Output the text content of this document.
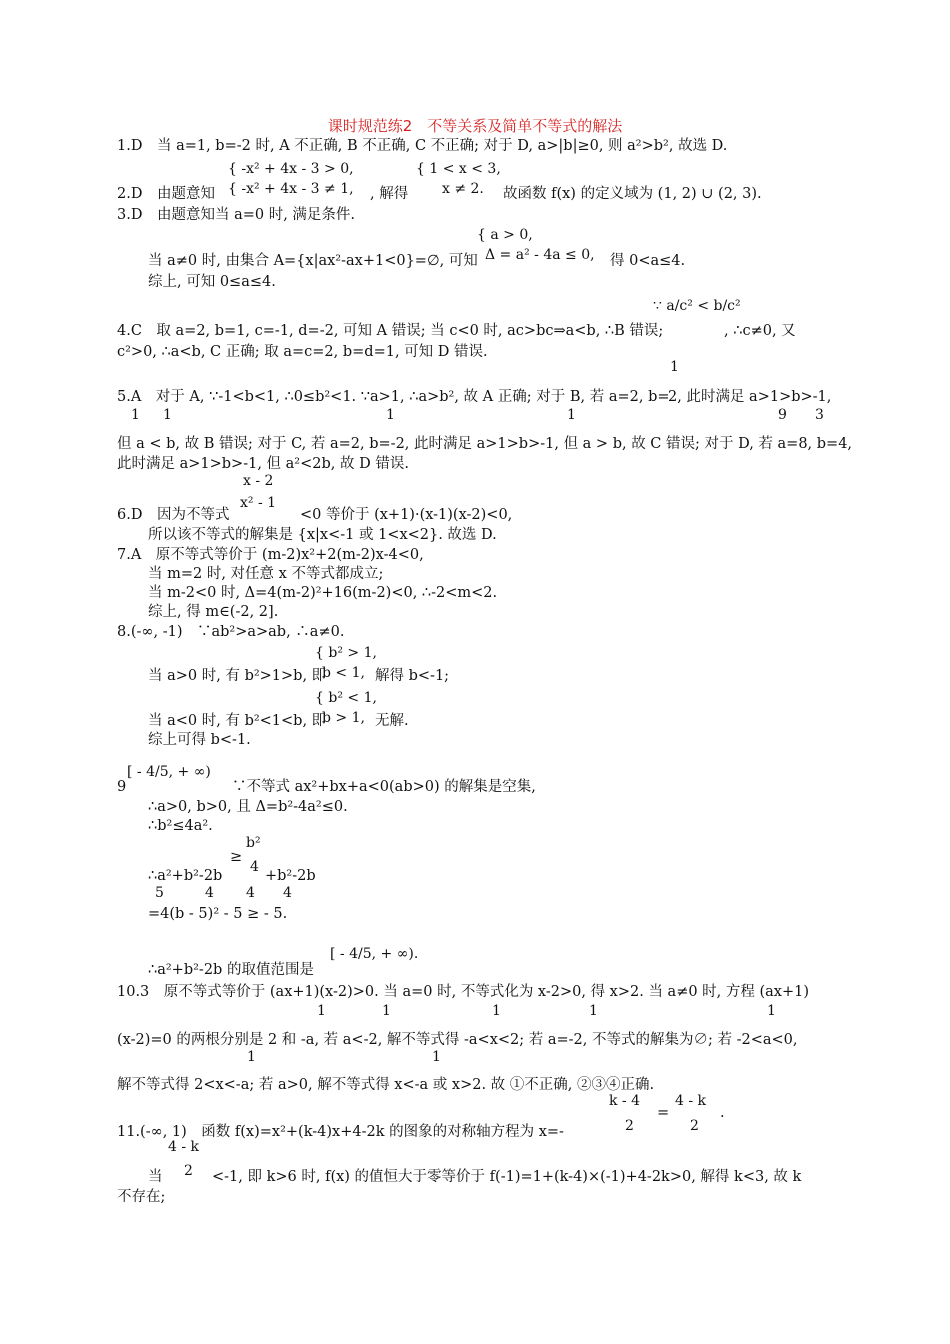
课时规范练2　不等关系及简单不等式的解法
1.D　当 a=1, b=-2 时, A 不正确, B 不正确, C 不正确; 对于 D, a>|b|≥0, 则 a²>b², 故选 D.
{ -x² + 4x - 3 > 0,
{ -x² + 4x - 3 ≠ 1,
{ 1 < x < 3,
x ≠ 2.
2.D　由题意知	, 解得	故函数 f(x) 的定义域为 (1, 2) ∪ (2, 3).
3.D　由题意知当 a=0 时, 满足条件.
{ a > 0,
当 a≠0 时, 由集合 A={x|ax²-ax+1<0}=∅, 可知 Δ = a² - 4a ≤ 0, 得 0<a≤4.
综上, 可知 0≤a≤4.
∵ a/c² < b/c²
4.C　取 a=2, b=1, c=-1, d=-2, 可知 A 错误; 当 c<0 时, ac>bc⇒a<b, ∴B 错误;	, ∴c≠0, 又
c²>0, ∴a<b, C 正确; 取 a=c=2, b=d=1, 可知 D 错误.
1
5.A　对于 A, ∵-1<b<1, ∴0≤b²<1. ∵a>1, ∴a>b², 故 A 正确; 对于 B, 若 a=2, b=
2, 此时满足 a>1>b>-1,
1 1	1	1	9 3
但 a < b, 故 B 错误; 对于 C, 若 a=2, b=-2, 此时满足 a>1>b>-1, 但 a > b, 故 C 错误; 对于 D, 若 a=8, b=4,
此时满足 a>1>b>-1, 但 a²<2b, 故 D 错误.
x - 2
x² - 1
6.D　因为不等式	<0 等价于 (x+1)·(x-1)(x-2)<0,
所以该不等式的解集是 {x|x<-1 或 1<x<2}. 故选 D.
7.A　原不等式等价于 (m-2)x²+2(m-2)x-4<0,
当 m=2 时, 对任意 x 不等式都成立;
当 m-2<0 时, Δ=4(m-2)²+16(m-2)<0, ∴-2<m<2.
综上, 得 m∈(-2, 2].
8.(-∞, -1)　∵ab²>a>ab, ∴a≠0.
{ b² > 1,
当 a>0 时, 有 b²>1>b, 即
b < 1, 解得 b<-1;
{ b² < 1,
当 a<0 时, 有 b²<1<b, 即
b > 1, 无解.
综上可得 b<-1.
[ - 4/5, + ∞)
9	∵不等式 ax²+bx+a<0(ab>0) 的解集是空集,
∴a>0, b>0, 且 Δ=b²-4a²≤0.
∴b²≤4a².
b²
≥
4
∴a²+b²-2b	+b²-2b
5	4 4 4
=4(b - 5)² - 5 ≥ - 5.
∴a²+b²-2b 的取值范围是
[ - 4/5, + ∞).
10.3　原不等式等价于 (ax+1)(x-2)>0. 当 a=0 时, 不等式化为 x-2>0, 得 x>2. 当 a≠0 时, 方程 (ax+1)
1	1	1	1	1
(x-2)=0 的两根分别是 2 和 -a, 若 a<-2, 解不等式得 -a<x<2; 若 a=-2, 不等式的解集为∅; 若 -2<a<0,
1	1
解不等式得 2<x<-a; 若 a>0, 解不等式得 x<-a 或 x>2. 故 ①不正确, ②③④正确.
k - 4 4 - k
11.(-∞, 1)　函数 f(x)=x²+(k-4)x+4-2k 的图象的对称轴方程为 x=-	2
=
2
.
4 - k
当 2 <-1, 即 k>6 时, f(x) 的值恒大于零等价于 f(-1)=1+(k-4)×(-1)+4-2k>0, 解得 k<3, 故 k
不存在;
